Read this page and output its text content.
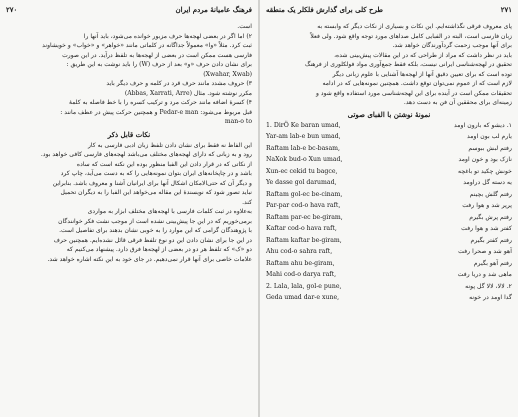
۲۷۰	فرهنگ عامیانهٔ مردم ایران

است.
۲) اما اگر در بعضی لهجه‌ها حرف مزبور خوانده می‌شود، باید آنها را
ثبت کرد. مثلاً «وا» معمولاً جداگانه در کلماتی مانند «خواهر» و «خواب» و خویشاوند
فارسی هست ممکن است در بعضی از لهجه‌ها به تلفظ درآید. در این صورت
برای نشان دادن حرف «و» بعد از حرف (W) را باید نوشت به این طریق :
(Xwahar, Xwab)
۳) حروف مشدد مانند حرف قرد در کلمه و حرف دیگر باید
مکرر نوشته شود. مثال (Abbas, Xarrati, Arre)
۴) کسرهٔ اضافه مانند حرکت مرد و ترکیب کسره را با خط فاصله به کلمهٔ
قبل مربوط می‌شود: Pedar-e man و همچنین حرکت پیش در عطف مانند :
man-o to

نکات قابل ذکر

این الفاظ نه فقط برای نشان دادن تلفظ زبان ادبی فارسی به کار
رود و به زبانی که دارای لهجه‌های مختلف می‌باشد لهجه‌های فارسی کافی خواهد بود.
از نکاتی که در قرار دادن این الفبا منظور بوده این نکته است که ساده
باشد و در چاپخانه‌های ایران بتوان نمونه‌هایی را که به دست می‌آید، چاپ کرد
و دیگر آن که حتی‌الامکان اشکال آنها برای ایرانیان آشنا و معروف باشد. بنابراین
نباید تصور شود که نویسندهٔ این مقاله می‌خواهد این الفبا را به دیگران تحمیل
کند.
به‌علاوه در ثبت کلمات فارسی با لهجه‌های مختلف ابزار به مواردی
برمی‌خوریم که در این جا پیش‌بینی نشده است از موجب نشت فکر خوانندگان
با پژوهندگان گرامی که این موارد را به خوبی نشان بدهند برای تفاصیل است.
در این جا برای نشان دادن این دو نوع تلفظ فرقی قائل نشده‌ایم. همچنین حرف
دو «ک» که تلفظ هر دو در بعضی از لهجه‌ها فرق دارد. پیشنهاد می‌کنیم که
علامات خاصی برای آنها قرار نمی‌دهیم. در جای خود به این نکته اشاره خواهد شد.

طرح کلی برای گذارش فلکلر یک منطقه	۲۷۱

پای معروف فرقی نگذاشته‌ایم. این نکات و بسیاری از نکات دیگر که وابسته به
زبان فارسی است، البته در الفبایی کامل صداهای مورد توجه واقع شود. ولی فعلاً
برای آنها موجب زحمت گردآورندگان خواهد شد.
باید در نظر داشت که مراد از طراحی که در این مقالات پیش‌بینی شده،
تحقیق در لهجه‌شناسی ایرانی نیست، بلکه فقط جمع‌آوری مواد فولکلوری از فرهنگ
توده است که برای تعیین دقیق آنها از لهجه‌ها آشنایی با علوم زبانی دیگر
لازم است که از عموم نمی‌توان توقع داشت. همچنین نمونه‌هایی که در ادامه
تحقیقات ممکن است در آینده برای این لهجه‌شناسی مورد استفاده واقع شود و
زمینه‌ای برای محققین آن فن به دست دهد.

نمونهٔ نوشتن با الفبای صوتی
1. DirÖ Ke baran umad,	۱. دیشو که بارون اومد
Yar-am lab-e bun umad,	یارم لب بون اومد
Raftam lab-e bc-basam,	رفتم لبش ببوسم
NaXok bud-o Xun umad,	نازک بود و خون اومد
Xun-ec cekid tu bagce,	خونش چکید تو باغچه
Ye dasse gol darumad,	یه دسته گل دراومد
Raftam gol-ec be-cinam,	رفتم گلش بچینم
Par-par cod-o hava raft,	پرپر شد و هوا رفت
Raftam par-ec be-giram,	رفتم پرش بگیرم
Kaftar cod-o hava raft,	کفتر شد و هوا رفت
Raftam kaftar be-giram,	رفتم کفتر بگیرم
Ahu cod-o sahra raft,	آهو شد و صحرا رفت
Raftam ahu be-giram,	رفتم آهو بگیرم
Mahi cod-o darya raft,	ماهی شد و دریا رفت
2. Lala, lala, gol-e pune,	۲. لالا، لالا گل پونه
Geda umad dar-e xune,	گدا اومد در خونه
